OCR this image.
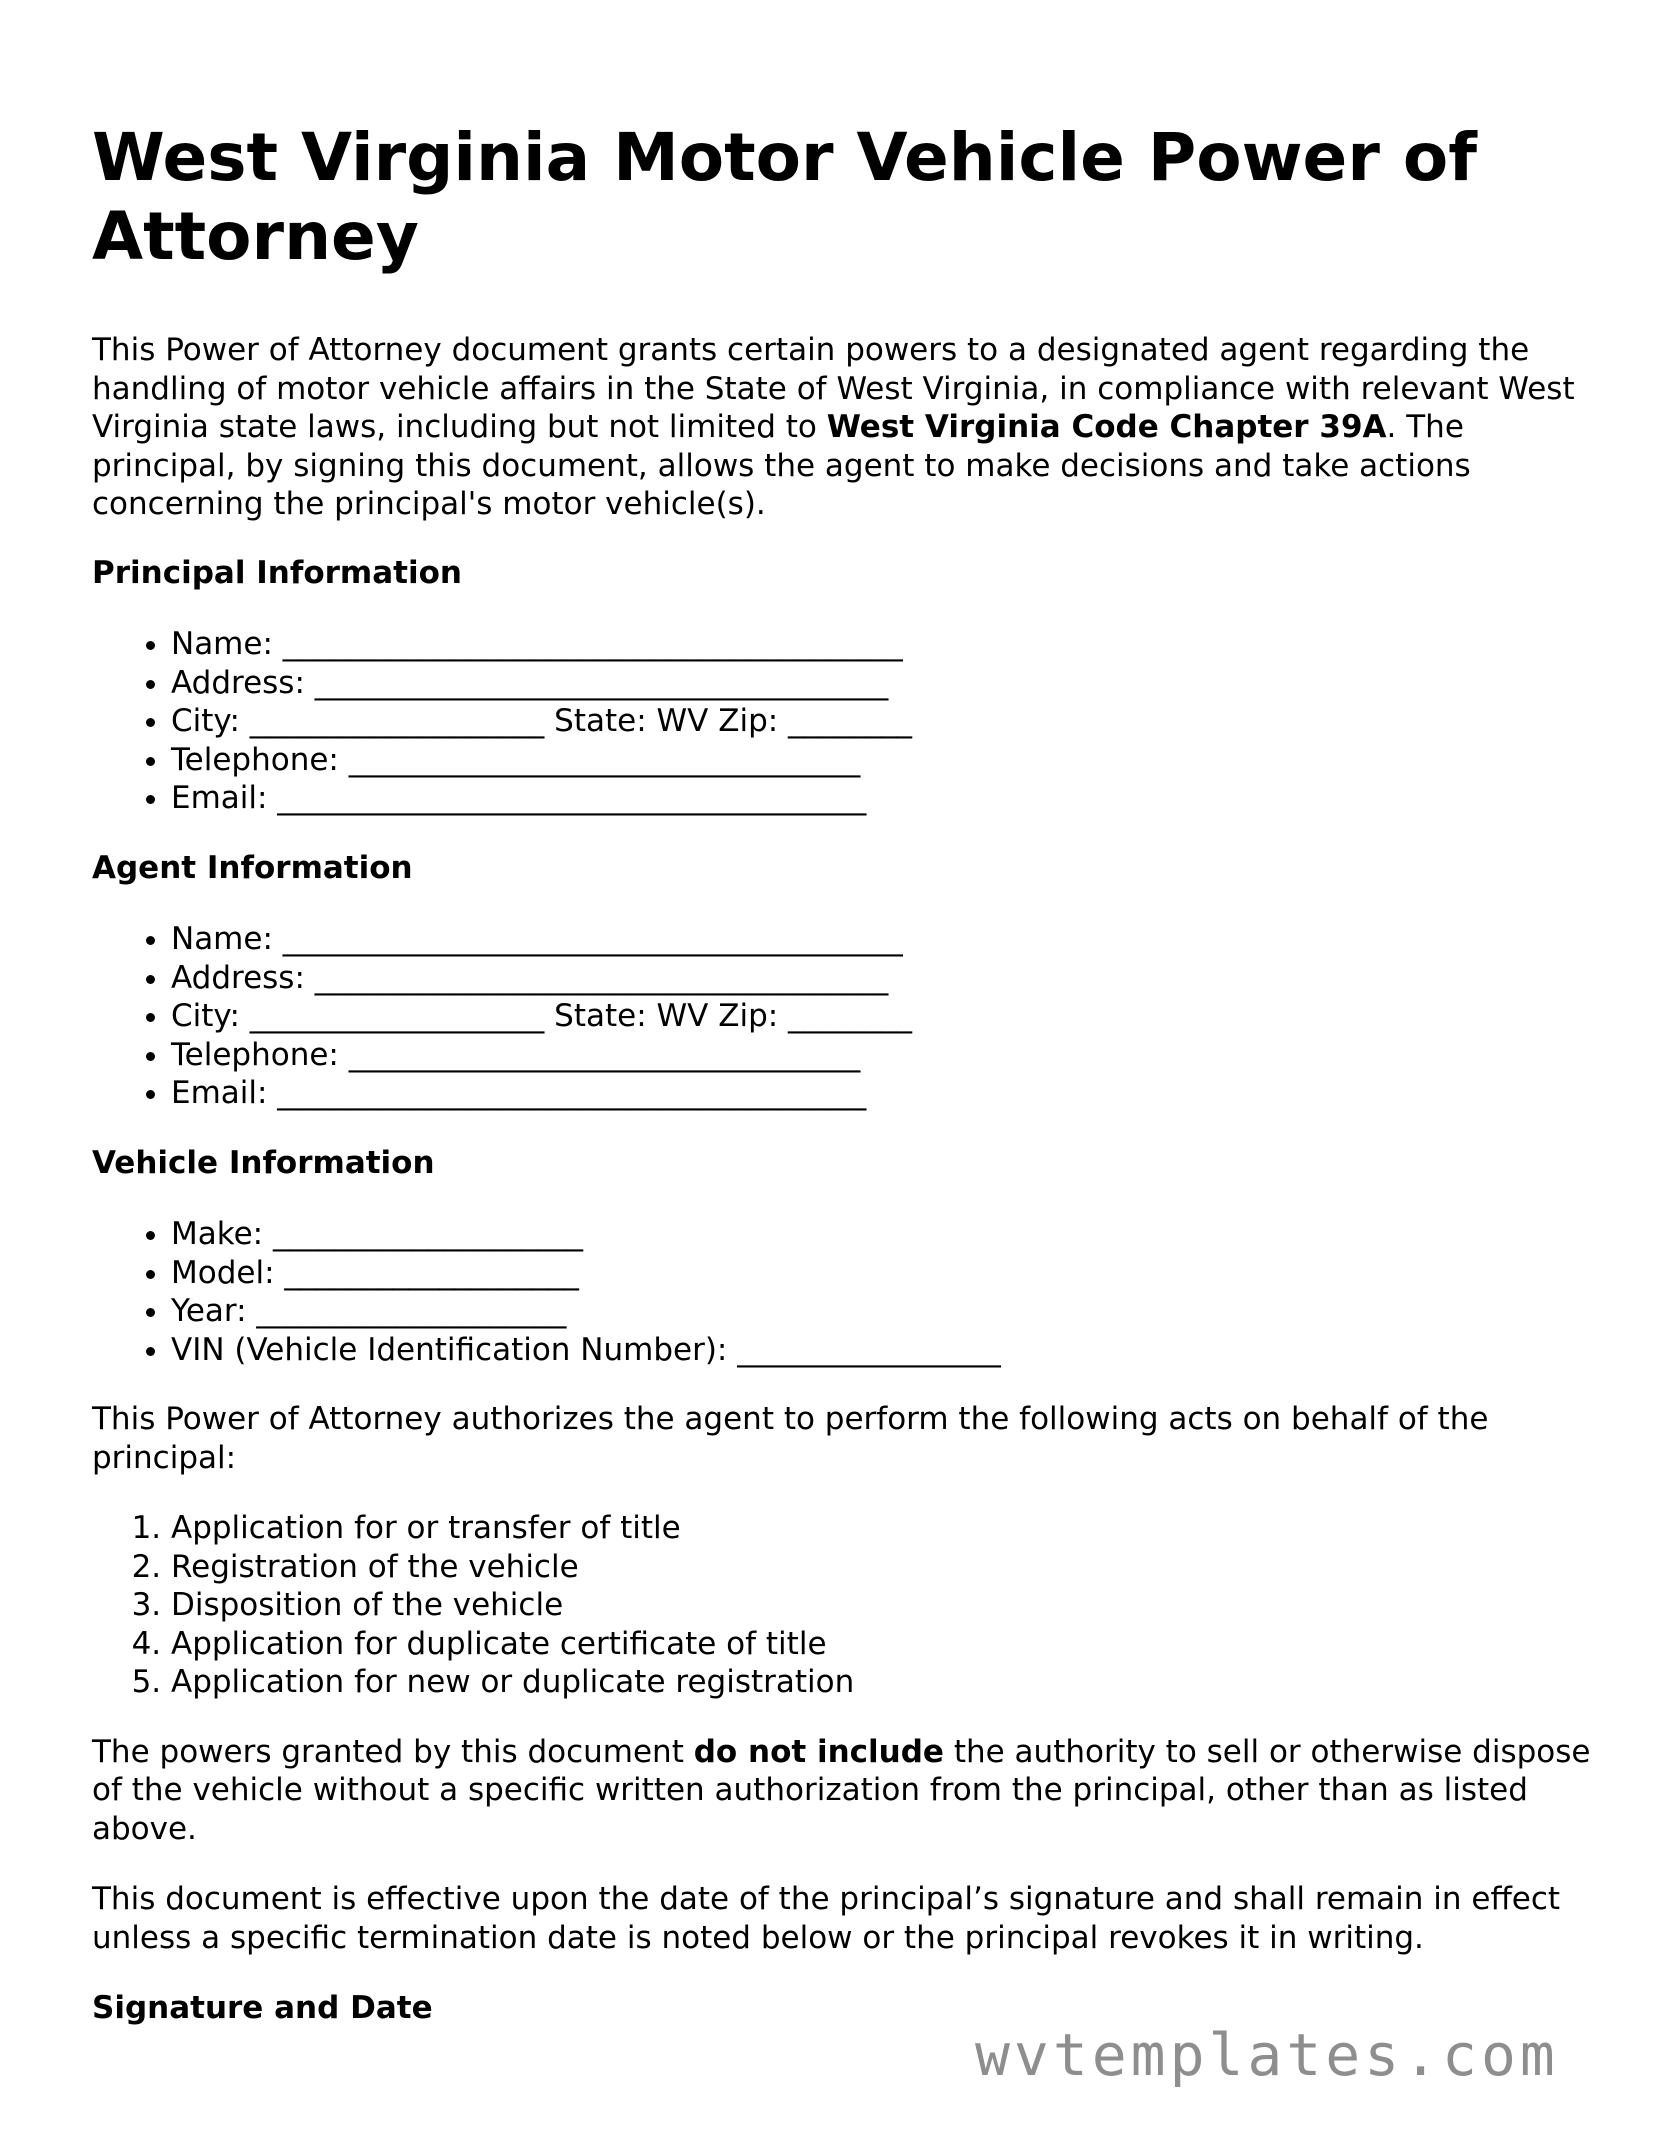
West Virginia Motor Vehicle Power of Attorney

This Power of Attorney document grants certain powers to a designated agent regarding the handling of motor vehicle affairs in the State of West Virginia, in compliance with relevant West Virginia state laws, including but not limited to West Virginia Code Chapter 39A. The principal, by signing this document, allows the agent to make decisions and take actions concerning the principal's motor vehicle(s).

Principal Information
• Name: ________________________________________
• Address: _____________________________________
• City: ___________________ State: WV Zip: ________
• Telephone: _________________________________
• Email: ______________________________________
Agent Information
• Name: ________________________________________
• Address: _____________________________________
• City: ___________________ State: WV Zip: ________
• Telephone: _________________________________
• Email: ______________________________________
Vehicle Information
• Make: ____________________
• Model: ___________________
• Year: ____________________
• VIN (Vehicle Identification Number): _________________

This Power of Attorney authorizes the agent to perform the following acts on behalf of the principal:

1. Application for or transfer of title
2. Registration of the vehicle
3. Disposition of the vehicle
4. Application for duplicate certificate of title
5. Application for new or duplicate registration

The powers granted by this document do not include the authority to sell or otherwise dispose of the vehicle without a specific written authorization from the principal, other than as listed above.

This document is effective upon the date of the principal’s signature and shall remain in effect unless a specific termination date is noted below or the principal revokes it in writing.

Signature and Date
wvtemplates.com
